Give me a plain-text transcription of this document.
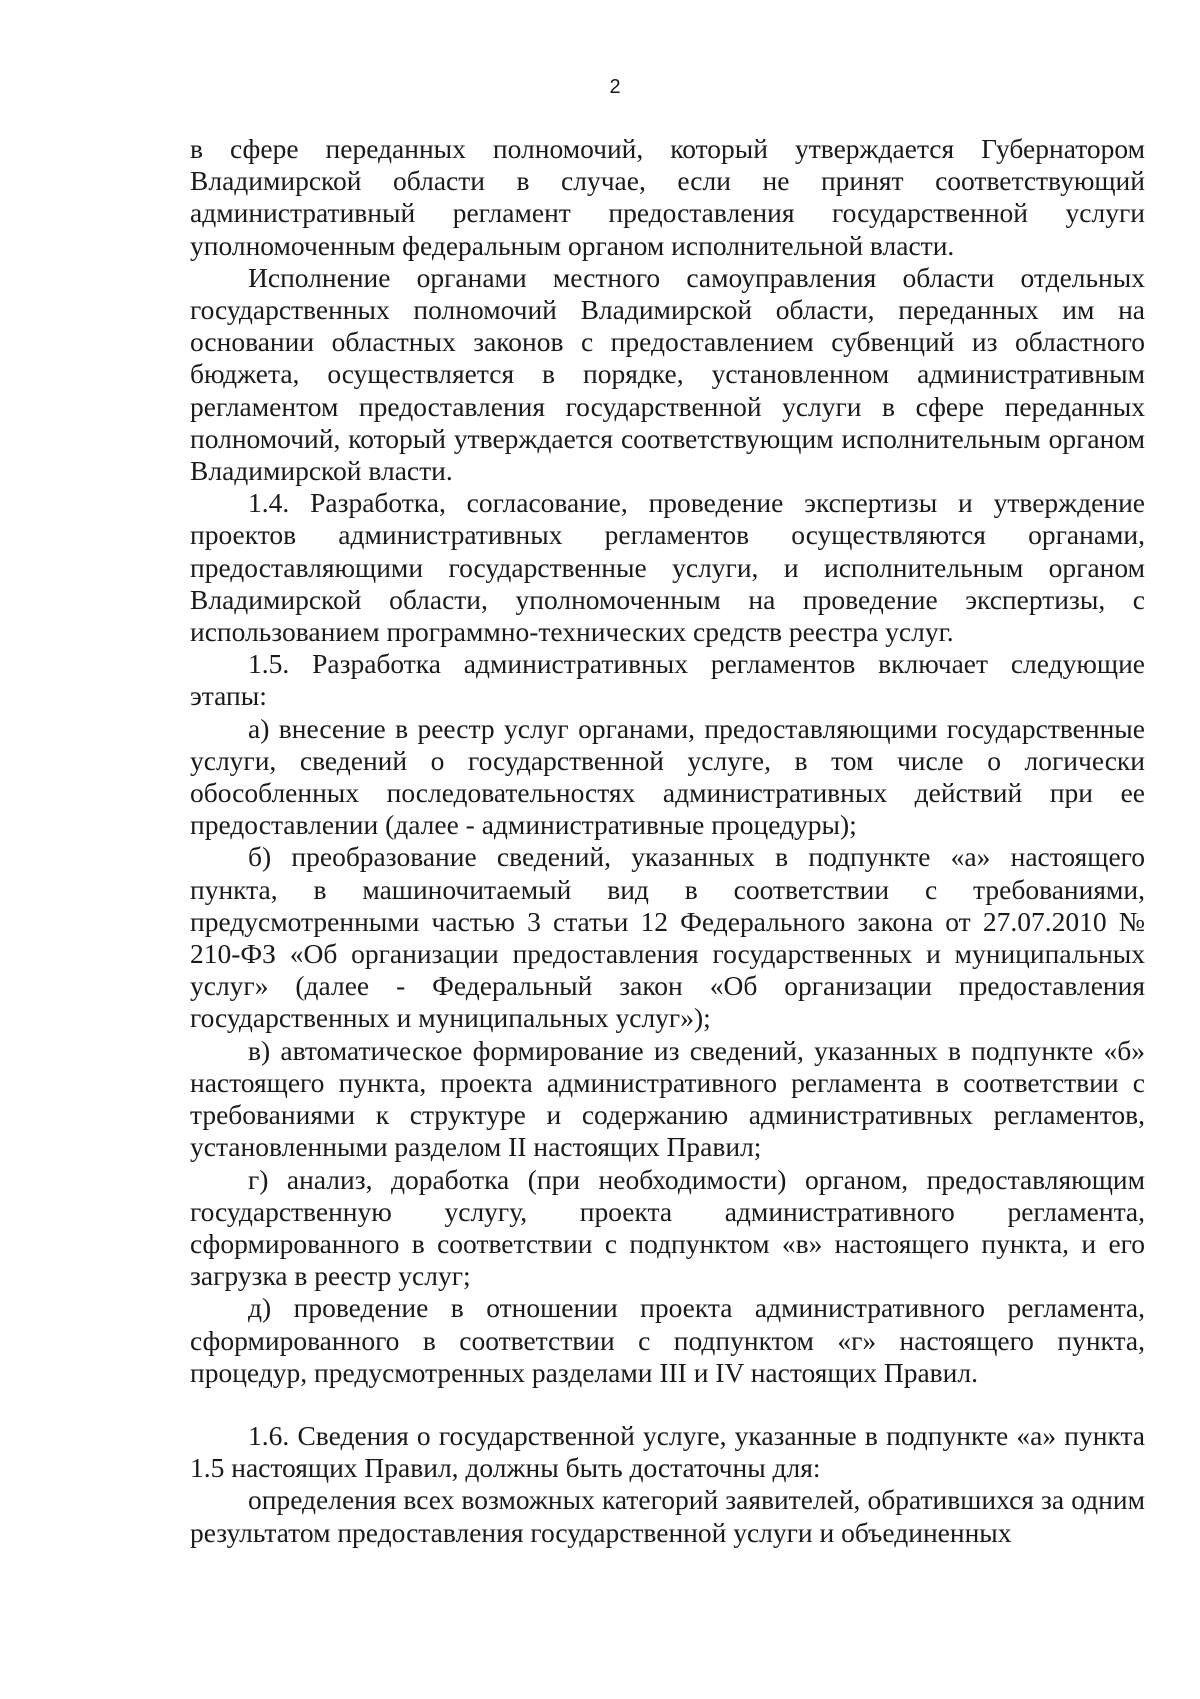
2

в сфере переданных полномочий, который утверждается Губернатором Владимирской области в случае, если не принят соответствующий административный регламент предоставления государственной услуги уполномоченным федеральным органом исполнительной власти.

Исполнение органами местного самоуправления области отдельных государственных полномочий Владимирской области, переданных им на основании областных законов с предоставлением субвенций из областного бюджета, осуществляется в порядке, установленном административным регламентом предоставления государственной услуги в сфере переданных полномочий, который утверждается соответствующим исполнительным органом Владимирской власти.

1.4. Разработка, согласование, проведение экспертизы и утверждение проектов административных регламентов осуществляются органами, предоставляющими государственные услуги, и исполнительным органом Владимирской области, уполномоченным на проведение экспертизы, с использованием программно-технических средств реестра услуг.

1.5. Разработка административных регламентов включает следующие этапы:

а) внесение в реестр услуг органами, предоставляющими государственные услуги, сведений о государственной услуге, в том числе о логически обособленных последовательностях административных действий при ее предоставлении (далее - административные процедуры);

б) преобразование сведений, указанных в подпункте «а» настоящего пункта, в машиночитаемый вид в соответствии с требованиями, предусмотренными частью 3 статьи 12 Федерального закона от 27.07.2010 № 210-ФЗ «Об организации предоставления государственных и муниципальных услуг» (далее - Федеральный закон «Об организации предоставления государственных и муниципальных услуг»);

в) автоматическое формирование из сведений, указанных в подпункте «б» настоящего пункта, проекта административного регламента в соответствии с требованиями к структуре и содержанию административных регламентов, установленными разделом II настоящих Правил;

г) анализ, доработка (при необходимости) органом, предоставляющим государственную услугу, проекта административного регламента, сформированного в соответствии с подпунктом «в» настоящего пункта, и его загрузка в реестр услуг;

д) проведение в отношении проекта административного регламента, сформированного в соответствии с подпунктом «г» настоящего пункта, процедур, предусмотренных разделами III и IV настоящих Правил.

1.6. Сведения о государственной услуге, указанные в подпункте «а» пункта 1.5 настоящих Правил, должны быть достаточны для:

определения всех возможных категорий заявителей, обратившихся за одним результатом предоставления государственной услуги и объединенных
